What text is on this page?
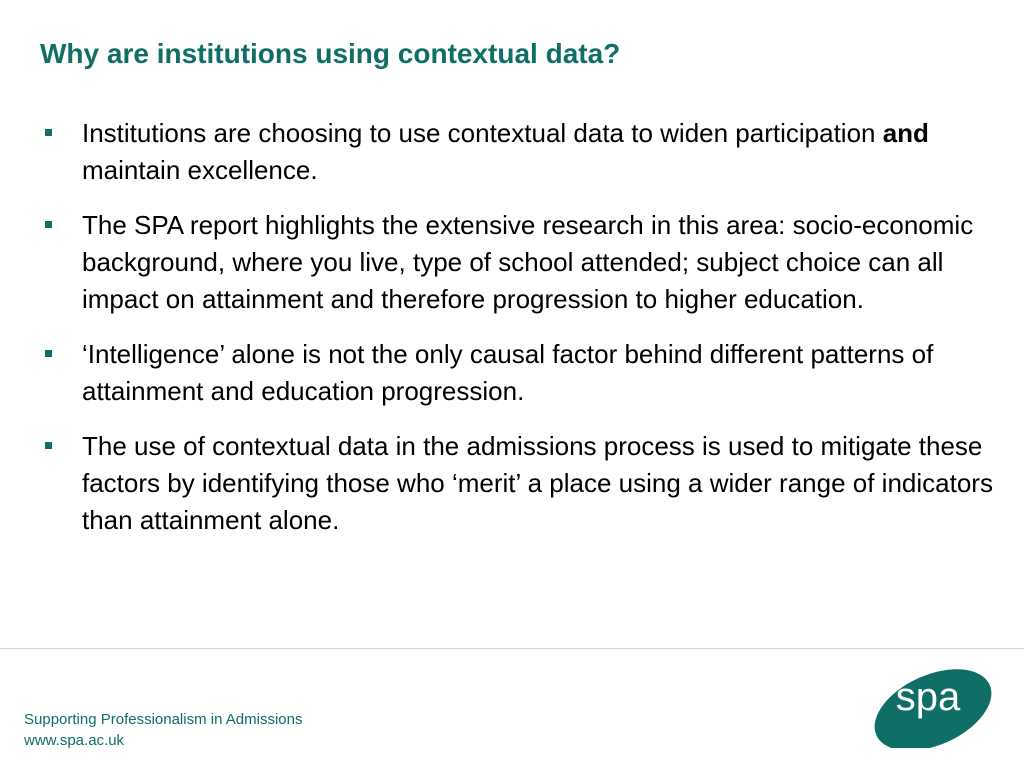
Why are institutions using contextual data?
Institutions are choosing to use contextual data to widen participation and maintain excellence.
The SPA report highlights the extensive research in this area: socio-economic background, where you live, type of school attended; subject choice can all impact on attainment and therefore progression to higher education.
‘Intelligence’ alone is not the only causal factor behind different patterns of attainment and education progression.
The use of contextual data in the admissions process is used to mitigate these factors by identifying those who ‘merit’ a place using a wider range of indicators than attainment alone.
Supporting Professionalism in Admissions
www.spa.ac.uk
spa
